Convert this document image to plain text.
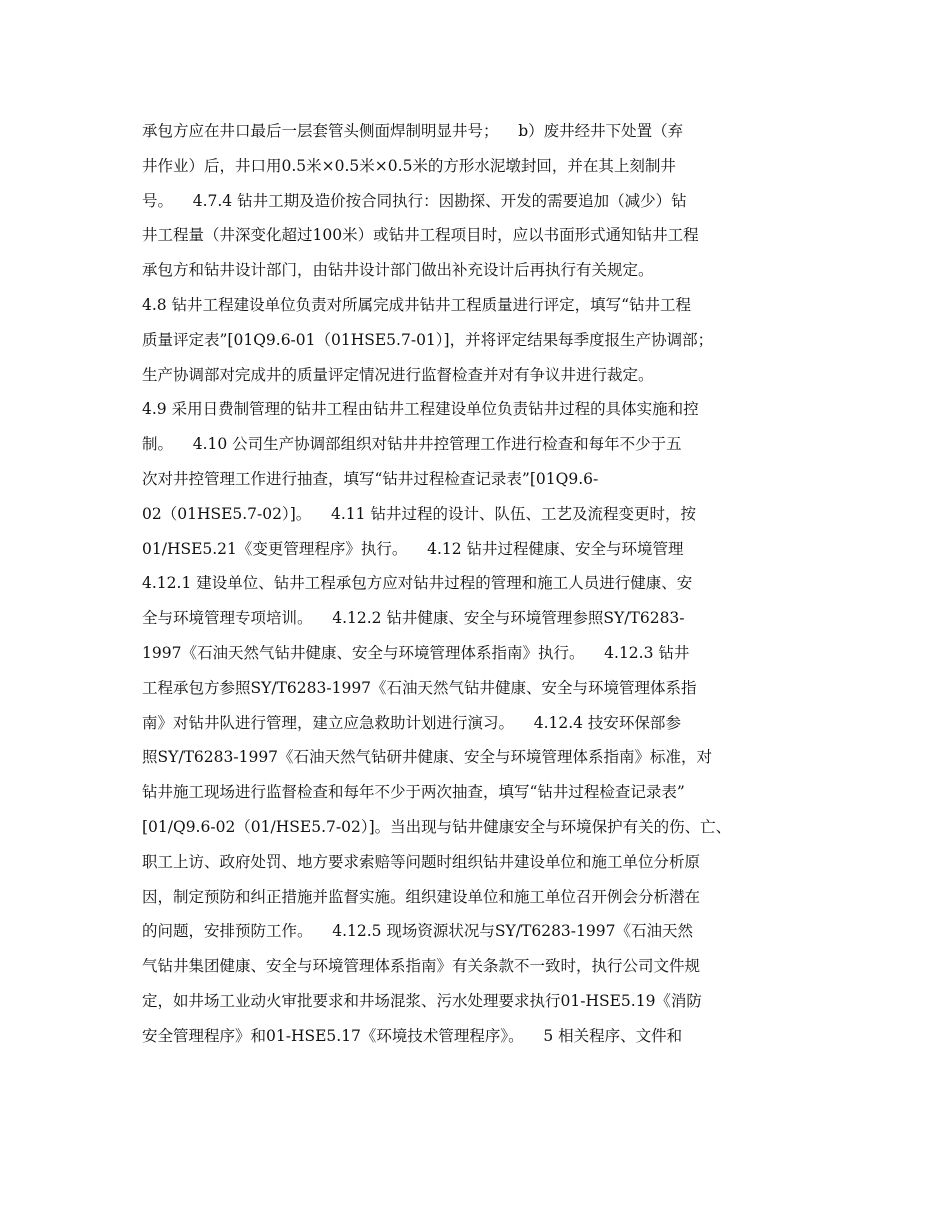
承包方应在井口最后一层套管头侧面焊制明显井号；    b）废井经井下处置（弃
井作业）后，井口用0.5米×0.5米×0.5米的方形水泥墩封回，并在其上刻制井
号。    4.7.4 钻井工期及造价按合同执行：因勘探、开发的需要追加（减少）钻
井工程量（井深变化超过100米）或钻井工程项目时，应以书面形式通知钻井工程
承包方和钻井设计部门，由钻井设计部门做出补充设计后再执行有关规定。
4.8 钻井工程建设单位负责对所属完成井钻井工程质量进行评定，填写“钻井工程
质量评定表”[01Q9.6-01（01HSE5.7-01）]，并将评定结果每季度报生产协调部；
生产协调部对完成井的质量评定情况进行监督检查并对有争议井进行裁定。
4.9 采用日费制管理的钻井工程由钻井工程建设单位负责钻井过程的具体实施和控
制。    4.10 公司生产协调部组织对钻井井控管理工作进行检查和每年不少于五
次对井控管理工作进行抽查，填写“钻井过程检查记录表”[01Q9.6-
02（01HSE5.7-02）]。    4.11 钻井过程的设计、队伍、工艺及流程变更时，按
01/HSE5.21《变更管理程序》执行。    4.12 钻井过程健康、安全与环境管理
4.12.1 建设单位、钻井工程承包方应对钻井过程的管理和施工人员进行健康、安
全与环境管理专项培训。    4.12.2 钻井健康、安全与环境管理参照SY/T6283-
1997《石油天然气钻井健康、安全与环境管理体系指南》执行。    4.12.3 钻井
工程承包方参照SY/T6283-1997《石油天然气钻井健康、安全与环境管理体系指
南》对钻井队进行管理，建立应急救助计划进行演习。    4.12.4 技安环保部参
照SY/T6283-1997《石油天然气钻研井健康、安全与环境管理体系指南》标准，对
钻井施工现场进行监督检查和每年不少于两次抽查，填写“钻井过程检查记录表”
[01/Q9.6-02（01/HSE5.7-02）]。当出现与钻井健康安全与环境保护有关的伤、亡、
职工上访、政府处罚、地方要求索赔等问题时组织钻井建设单位和施工单位分析原
因，制定预防和纠正措施并监督实施。组织建设单位和施工单位召开例会分析潜在
的问题，安排预防工作。    4.12.5 现场资源状况与SY/T6283-1997《石油天然
气钻井集团健康、安全与环境管理体系指南》有关条款不一致时，执行公司文件规
定，如井场工业动火审批要求和井场混浆、污水处理要求执行01-HSE5.19《消防
安全管理程序》和01-HSE5.17《环境技术管理程序》。    5 相关程序、文件和
